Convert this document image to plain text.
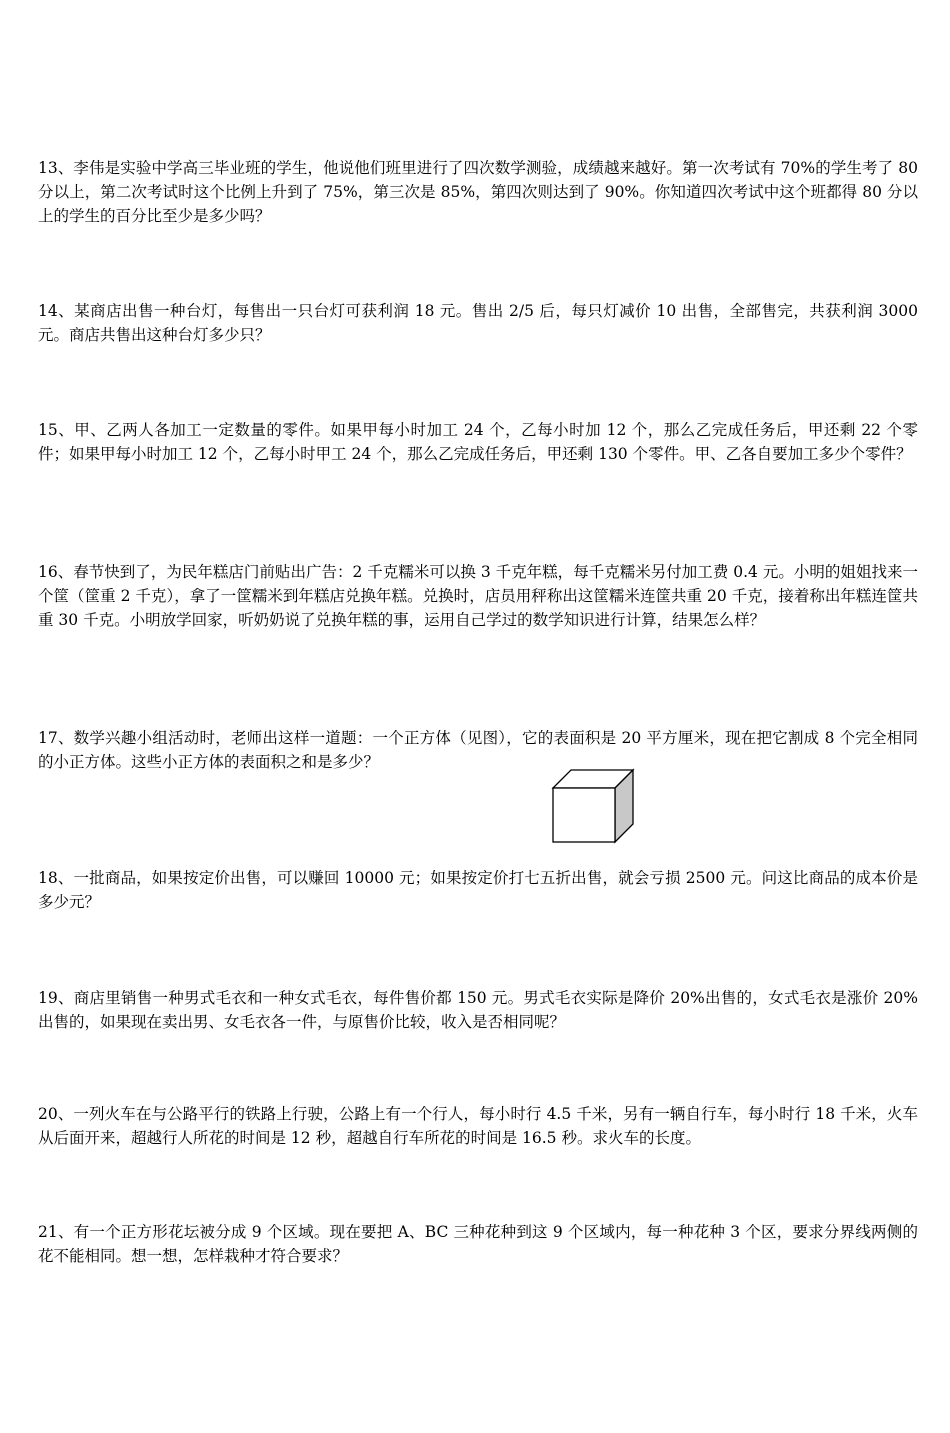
13、李伟是实验中学高三毕业班的学生，他说他们班里进行了四次数学测验，成绩越来越好。第一次考试有 70%的学生考了 80 分以上，第二次考试时这个比例上升到了 75%，第三次是 85%，第四次则达到了 90%。你知道四次考试中这个班都得 80 分以上的学生的百分比至少是多少吗？

14、某商店出售一种台灯，每售出一只台灯可获利润 18 元。售出 2/5 后，每只灯减价 10 出售，全部售完，共获利润 3000 元。商店共售出这种台灯多少只？

15、甲、乙两人各加工一定数量的零件。如果甲每小时加工 24 个，乙每小时加 12 个，那么乙完成任务后，甲还剩 22 个零件；如果甲每小时加工 12 个，乙每小时甲工 24 个，那么乙完成任务后，甲还剩 130 个零件。甲、乙各自要加工多少个零件？

16、春节快到了，为民年糕店门前贴出广告：2 千克糯米可以换 3 千克年糕，每千克糯米另付加工费 0.4 元。小明的姐姐找来一个筐（筐重 2 千克），拿了一筐糯米到年糕店兑换年糕。兑换时，店员用秤称出这筐糯米连筐共重 20 千克，接着称出年糕连筐共重 30 千克。小明放学回家，听奶奶说了兑换年糕的事，运用自己学过的数学知识进行计算，结果怎么样？

17、数学兴趣小组活动时，老师出这样一道题：一个正方体（见图），它的表面积是 20 平方厘米，现在把它割成 8 个完全相同的小正方体。这些小正方体的表面积之和是多少？

18、一批商品，如果按定价出售，可以赚回 10000 元；如果按定价打七五折出售，就会亏损 2500 元。问这比商品的成本价是多少元？

19、商店里销售一种男式毛衣和一种女式毛衣，每件售价都 150 元。男式毛衣实际是降价 20%出售的，女式毛衣是涨价 20%出售的，如果现在卖出男、女毛衣各一件，与原售价比较，收入是否相同呢？

20、一列火车在与公路平行的铁路上行驶，公路上有一个行人，每小时行 4.5 千米，另有一辆自行车，每小时行 18 千米，火车从后面开来，超越行人所花的时间是 12 秒，超越自行车所花的时间是 16.5 秒。求火车的长度。

21、有一个正方形花坛被分成 9 个区域。现在要把 A、BC 三种花种到这 9 个区域内，每一种花种 3 个区，要求分界线两侧的花不能相同。想一想，怎样栽种才符合要求？
